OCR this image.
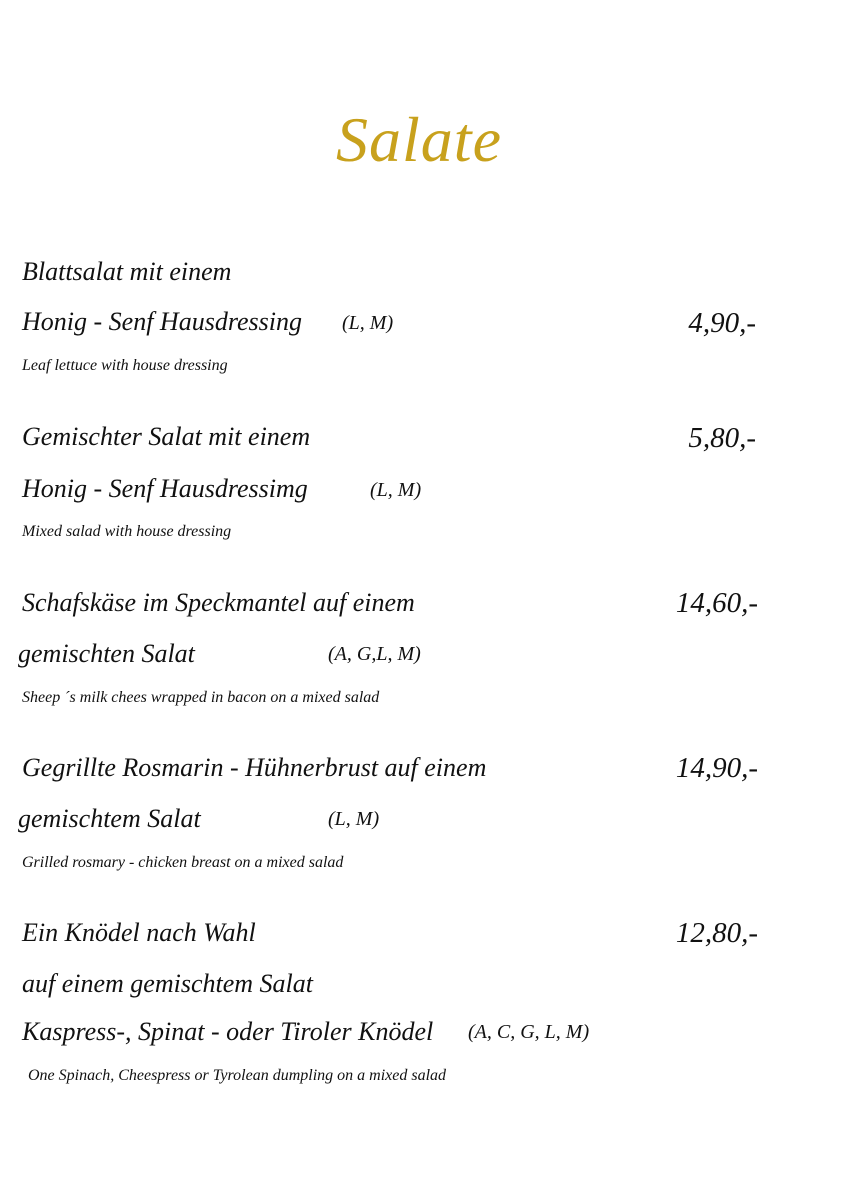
Salate
Blattsalat mit einem
Honig - Senf Hausdressing (L, M)	4,90,-
Leaf lettuce with house dressing
Gemischter Salat mit einem	5,80,-
Honig - Senf Hausdressimg	(L, M)
Mixed salad with house dressing
Schafskäse im Speckmantel auf einem	14,60,-
gemischten Salat	(A, G,L, M)
Sheep ´s milk chees wrapped in bacon on a mixed salad
Gegrillte Rosmarin - Hühnerbrust auf einem	14,90,-
gemischtem Salat	(L, M)
Grilled rosmary - chicken breast on a mixed salad
Ein Knödel nach Wahl	12,80,-
auf einem gemischtem Salat
Kaspress-, Spinat - oder Tiroler Knödel (A, C, G, L, M)
One Spinach, Cheespress or Tyrolean dumpling on a mixed salad
